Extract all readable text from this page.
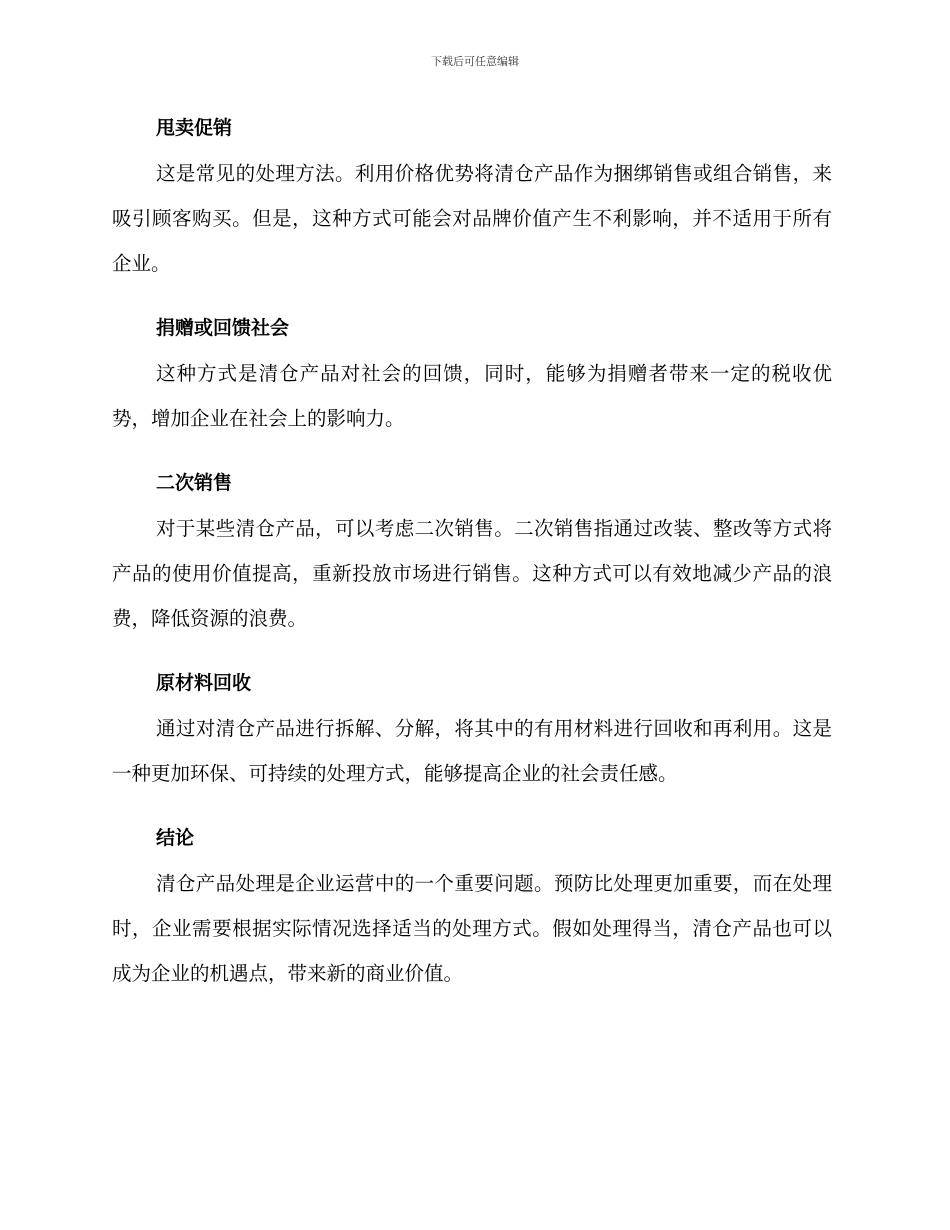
下载后可任意编辑

甩卖促销

这是常见的处理方法。利用价格优势将清仓产品作为捆绑销售或组合销售，来吸引顾客购买。但是，这种方式可能会对品牌价值产生不利影响，并不适用于所有企业。

捐赠或回馈社会

这种方式是清仓产品对社会的回馈，同时，能够为捐赠者带来一定的税收优势，增加企业在社会上的影响力。

二次销售

对于某些清仓产品，可以考虑二次销售。二次销售指通过改装、整改等方式将产品的使用价值提高，重新投放市场进行销售。这种方式可以有效地减少产品的浪费，降低资源的浪费。

原材料回收

通过对清仓产品进行拆解、分解，将其中的有用材料进行回收和再利用。这是一种更加环保、可持续的处理方式，能够提高企业的社会责任感。

结论

清仓产品处理是企业运营中的一个重要问题。预防比处理更加重要，而在处理时，企业需要根据实际情况选择适当的处理方式。假如处理得当，清仓产品也可以成为企业的机遇点，带来新的商业价值。
